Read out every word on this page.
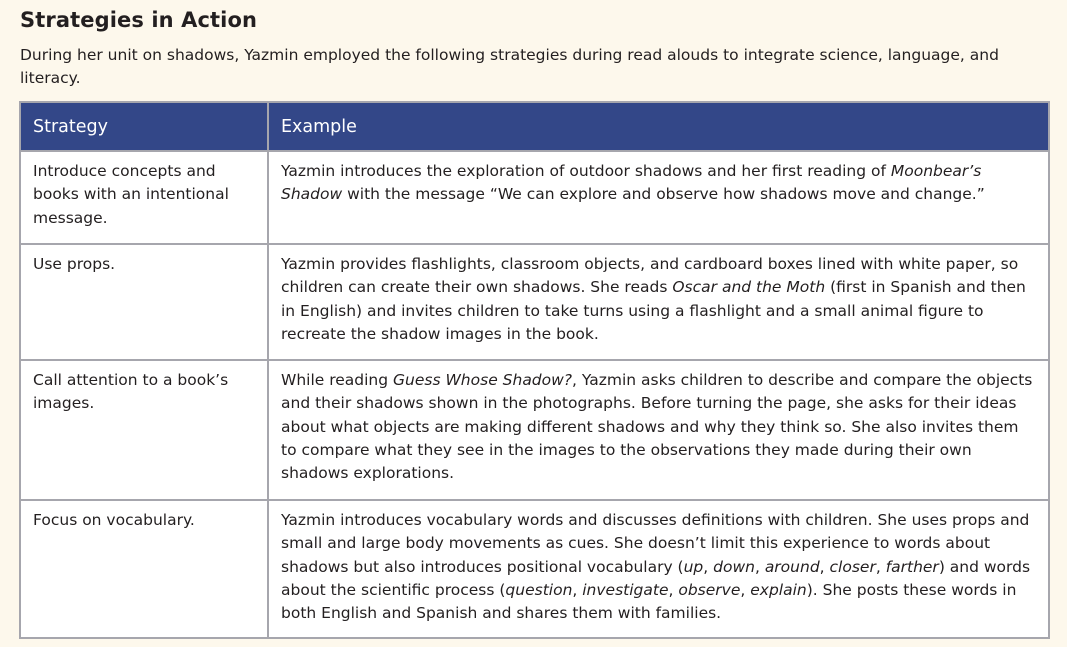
Strategies in Action
During her unit on shadows, Yazmin employed the following strategies during read alouds to integrate science, language, and literacy.
Strategy	Example
Introduce concepts and books with an intentional message.	Yazmin introduces the exploration of outdoor shadows and her first reading of Moonbear’s Shadow with the message “We can explore and observe how shadows move and change.”

Use props.	Yazmin provides flashlights, classroom objects, and cardboard boxes lined with white paper, so children can create their own shadows. She reads Oscar and the Moth (first in Spanish and then in English) and invites children to take turns using a flashlight and a small animal figure to recreate the shadow images in the book.

Call attention to a book’s images.	While reading Guess Whose Shadow?, Yazmin asks children to describe and compare the objects and their shadows shown in the photographs. Before turning the page, she asks for their ideas about what objects are making different shadows and why they think so. She also invites them to compare what they see in the images to the observations they made during their own shadows explorations.

Focus on vocabulary.	Yazmin introduces vocabulary words and discusses definitions with children. She uses props and small and large body movements as cues. She doesn’t limit this experience to words about shadows but also introduces positional vocabulary (up, down, around, closer, farther) and words about the scientific process (question, investigate, observe, explain). She posts these words in both English and Spanish and shares them with families.
